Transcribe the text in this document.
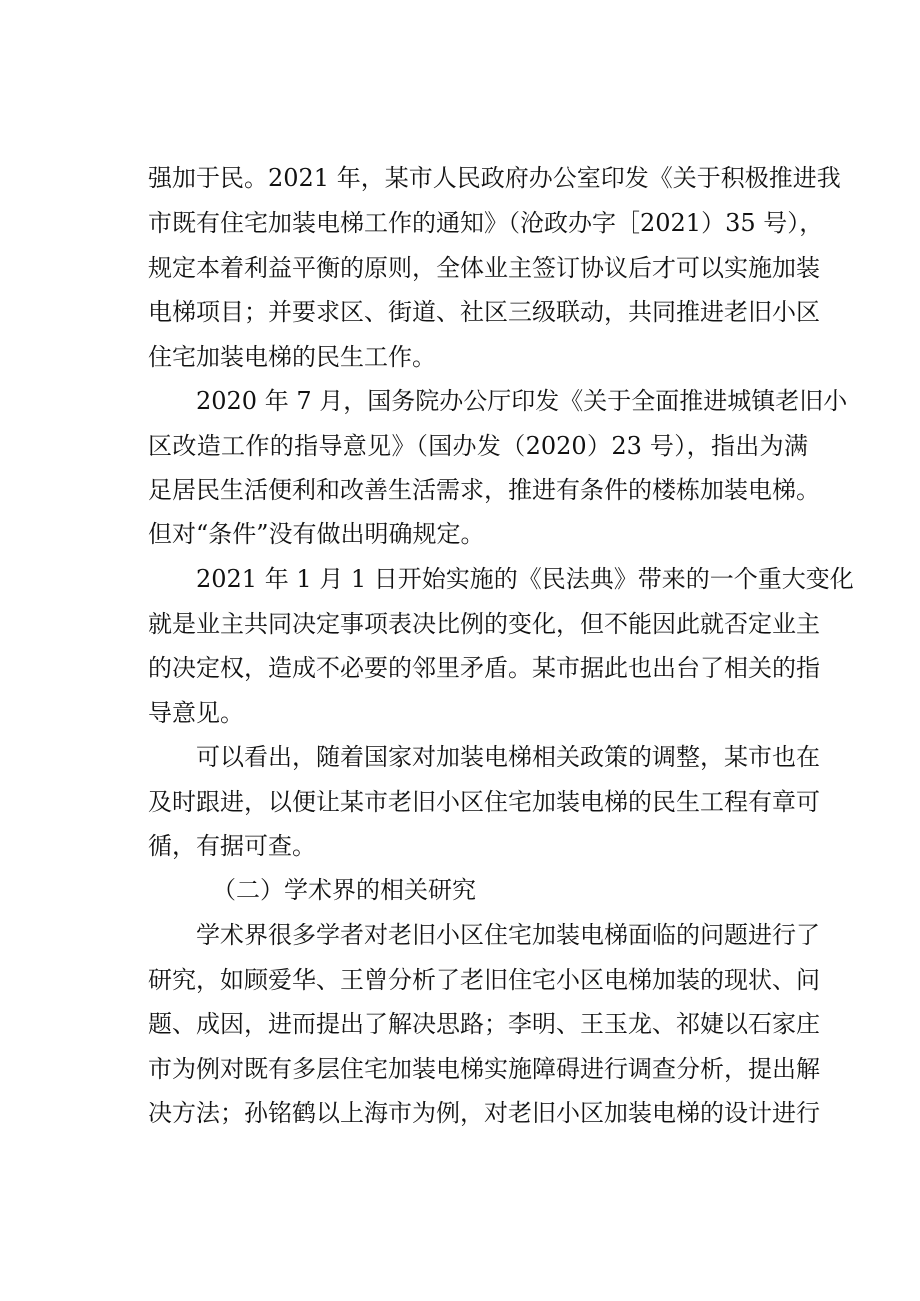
强加于民。2021 年，某市人民政府办公室印发《关于积极推进我
市既有住宅加装电梯工作的通知》（沧政办字［2021）35 号），
规定本着利益平衡的原则，全体业主签订协议后才可以实施加装
电梯项目；并要求区、街道、社区三级联动，共同推进老旧小区
住宅加装电梯的民生工作。
2020 年 7 月，国务院办公厅印发《关于全面推进城镇老旧小
区改造工作的指导意见》（国办发（2020）23 号），指出为满
足居民生活便利和改善生活需求，推进有条件的楼栋加装电梯。
但对“条件”没有做出明确规定。
2021 年 1 月 1 日开始实施的《民法典》带来的一个重大变化
就是业主共同决定事项表决比例的变化，但不能因此就否定业主
的决定权，造成不必要的邻里矛盾。某市据此也出台了相关的指
导意见。
可以看出，随着国家对加装电梯相关政策的调整，某市也在
及时跟进，以便让某市老旧小区住宅加装电梯的民生工程有章可
循，有据可查。
（二）学术界的相关研究
学术界很多学者对老旧小区住宅加装电梯面临的问题进行了
研究，如顾爱华、王曾分析了老旧住宅小区电梯加装的现状、问
题、成因，进而提出了解决思路；李明、王玉龙、祁婕以石家庄
市为例对既有多层住宅加装电梯实施障碍进行调查分析，提出解
决方法；孙铭鹤以上海市为例，对老旧小区加装电梯的设计进行
